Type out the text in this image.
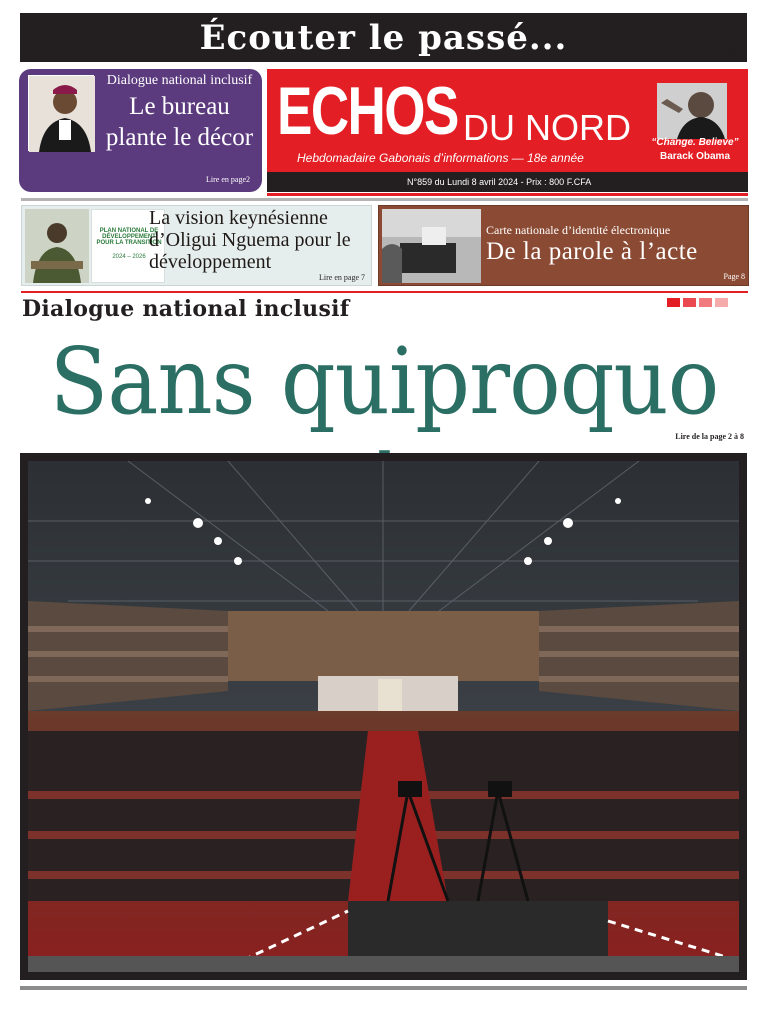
Écouter le passé...	Lire en page 5
Dialogue national inclusif
Le bureau plante le décor
Lire en page2
ECHOS DU NORD
Hebdomadaire Gabonais d’informations — 18e année
“Change. Believe”
Barack Obama
N°859 du Lundi 8 avril 2024 - Prix : 800 F.CFA
PLAN NATIONAL DE DÉVELOPPEMENT POUR LA TRANSITION
2024 – 2026
La vision keynésienne d’Oligui Nguema pour le développement
Lire en page 7
Carte nationale d’identité électronique
De la parole à l’acte
Page 8
Dialogue national inclusif
Sans quiproquo
Lire de la page 2 à 8
